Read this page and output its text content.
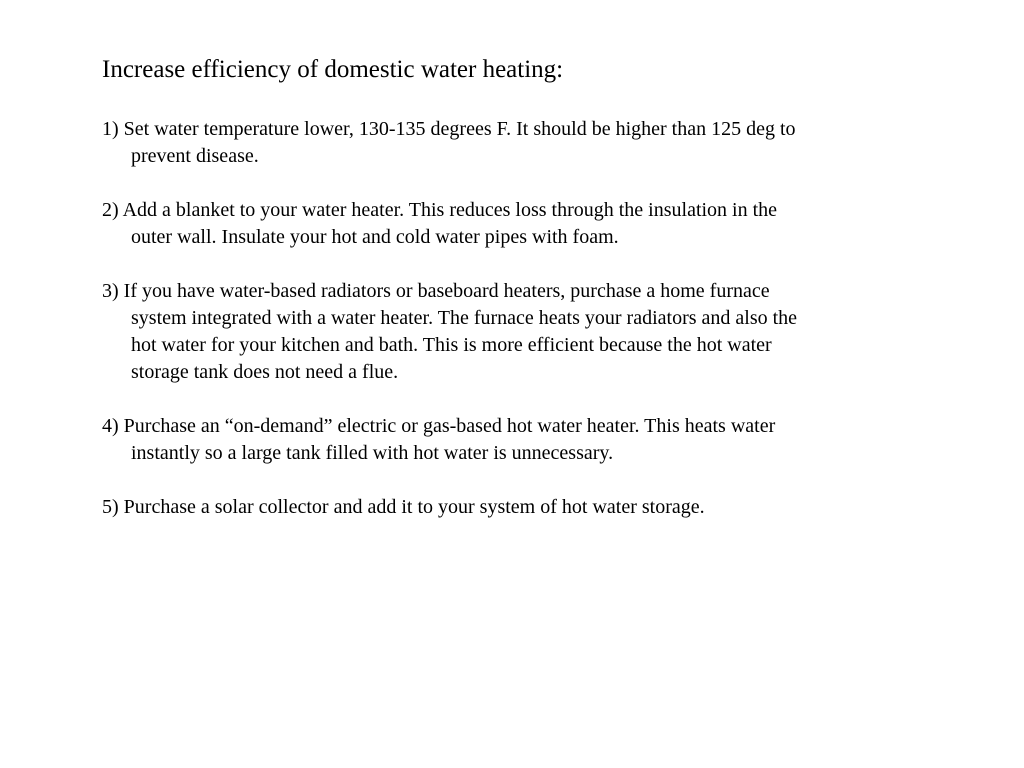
Increase efficiency of domestic water heating:
1) Set water temperature lower, 130-135 degrees F. It should be higher than 125 deg to prevent disease.
2) Add a blanket to your water heater. This reduces loss through the insulation in the outer wall. Insulate your hot and cold water pipes with foam.
3) If you have water-based radiators or baseboard heaters, purchase a home furnace system integrated with a water heater. The furnace heats your radiators and also the hot water for your kitchen and bath. This is more efficient because the hot water storage tank does not need a flue.
4) Purchase an “on-demand” electric or gas-based hot water heater. This heats water instantly so a large tank filled with hot water is unnecessary.
5) Purchase a solar collector and add it to your system of hot water storage.
